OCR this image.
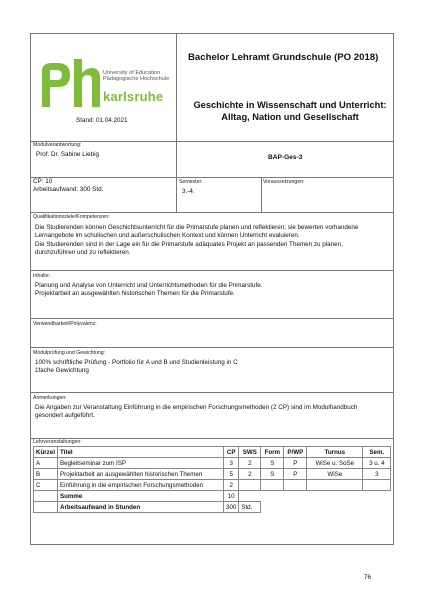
University of Education
Pädagogische Hochschule
karlsruhe
Stand: 01.04.2021
Bachelor Lehramt Grundschule (PO 2018)
Geschichte in Wissenschaft und Unterricht:
Alltag, Nation und Gesellschaft
Modulverantwortung:
Prof. Dr. Sabine Liebig	BAP-Ges-3
CP: 10
Arbeitsaufwand: 300 Std.
Semester:
3.-4.
Voraussetzungen:
Qualifikationsziele/Kompetenzen:
Die Studierenden können Geschichtsunterricht für die Primarstufe planen und reflektieren; sie bewerten vorhandene
Lernangebote im schulischen und außerschulischen Kontext und können Unterricht evaluieren.
Die Studierenden sind in der Lage ein für die Primarstufe adäquates Projekt an passenden Themen zu planen,
durchzuführen und zu reflektieren.
Inhalte:
Planung und Analyse von Unterricht und Unterrichtsmethoden für die Primarstufe.
Projektarbeit an ausgewählten historischen Themen für die Primarstufe.
Verwendbarkeit/Polyvalenz:
Modulprüfung und Gewichtung:
100% schriftliche Prüfung - Portfolio für A und B und Studienleistung in C
1fache Gewichtung
Anmerkungen:
Die Angaben zur Veranstaltung Einführung in die empirischen Forschungsmethoden (2 CP) sind im Modulhandbuch
gesondert aufgeführt.
Lehrveranstaltungen:
Kürzel	Titel	CP	SWS	Form	P/WP	Turnus	Sem.
A	Begleitseminar zum ISP	3	2	S	P	WiSe u. SoSe	3 u. 4
B	Projektarbeit an ausgewählten historischen Themen	5	2	S	P	WiSe	3
C	Einführung in die empirischen Forschungsmethoden	2					
	Summe	10					
	Arbeitsaufwand in Stunden	300	Std.				
76
